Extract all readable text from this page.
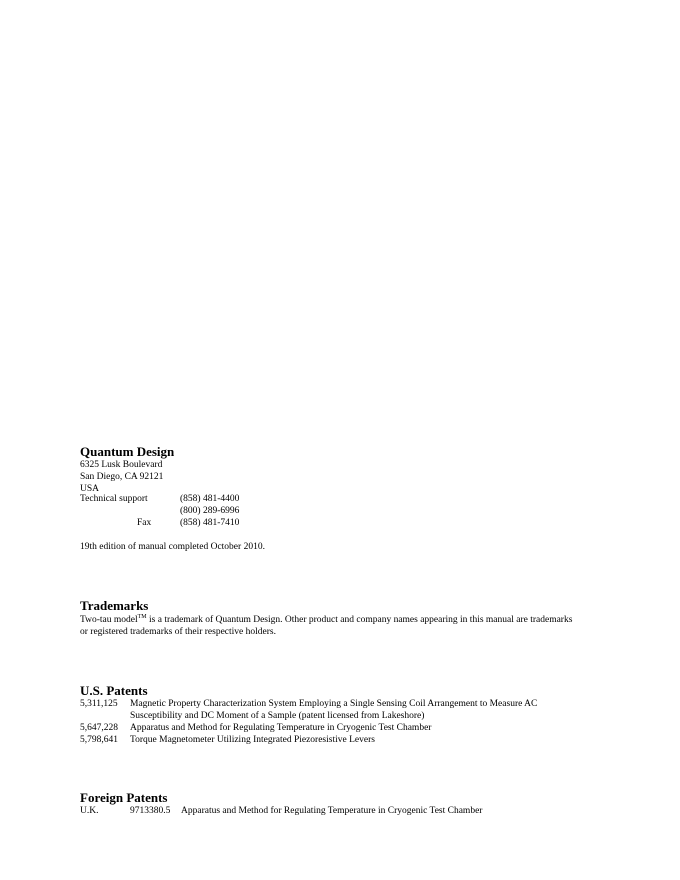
Quantum Design
6325 Lusk Boulevard
San Diego, CA 92121
USA
Technical support	(858) 481-4400
(800) 289-6996
Fax	(858) 481-7410
19th edition of manual completed October 2010.
Trademarks
Two-tau model™ is a trademark of Quantum Design. Other product and company names appearing in this manual are trademarks or registered trademarks of their respective holders.
U.S. Patents
5,311,125 Magnetic Property Characterization System Employing a Single Sensing Coil Arrangement to Measure AC
Susceptibility and DC Moment of a Sample (patent licensed from Lakeshore)
5,647,228 Apparatus and Method for Regulating Temperature in Cryogenic Test Chamber
5,798,641 Torque Magnetometer Utilizing Integrated Piezoresistive Levers
Foreign Patents
U.K.	9713380.5 Apparatus and Method for Regulating Temperature in Cryogenic Test Chamber
